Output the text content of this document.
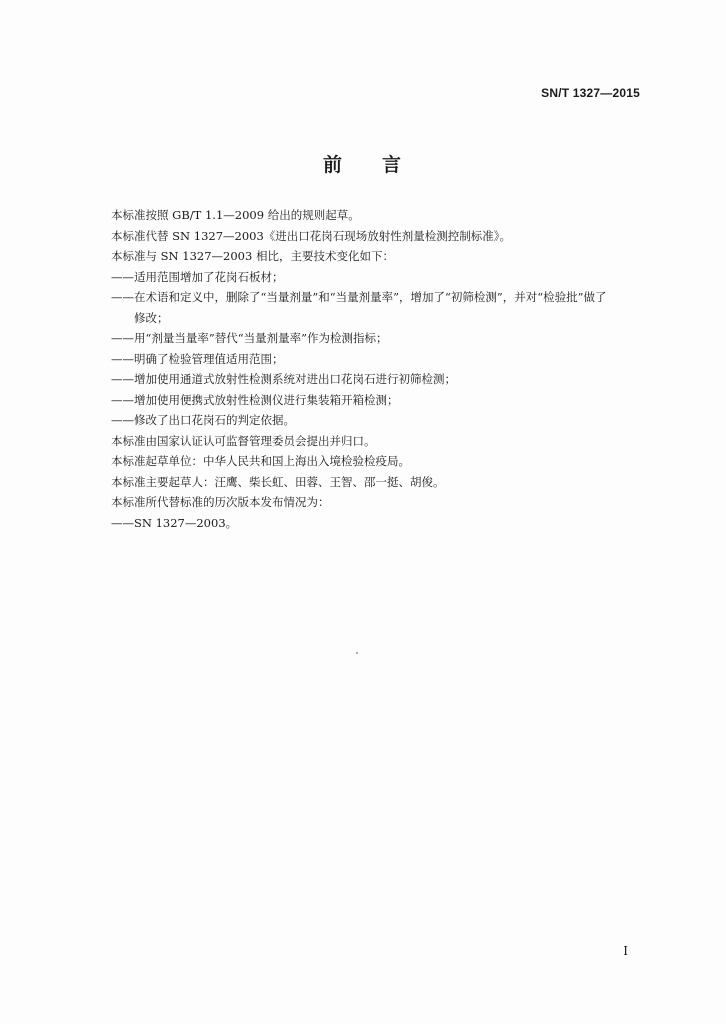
SN/T 1327—2015
前 言
本标准按照 GB/T 1.1—2009 给出的规则起草。
本标准代替 SN 1327—2003《进出口花岗石现场放射性剂量检测控制标准》。
本标准与 SN 1327—2003 相比，主要技术变化如下：
——适用范围增加了花岗石板材；
——在术语和定义中，删除了“当量剂量”和“当量剂量率”，增加了“初筛检测”，并对“检验批”做了
修改；
——用“剂量当量率”替代“当量剂量率”作为检测指标；
——明确了检验管理值适用范围；
——增加使用通道式放射性检测系统对进出口花岗石进行初筛检测；
——增加使用便携式放射性检测仪进行集装箱开箱检测；
——修改了出口花岗石的判定依据。
本标准由国家认证认可监督管理委员会提出并归口。
本标准起草单位：中华人民共和国上海出入境检验检疫局。
本标准主要起草人：汪鹰、柴长虹、田蓉、王智、邵一挺、胡俊。
本标准所代替标准的历次版本发布情况为：
——SN 1327—2003。
I
